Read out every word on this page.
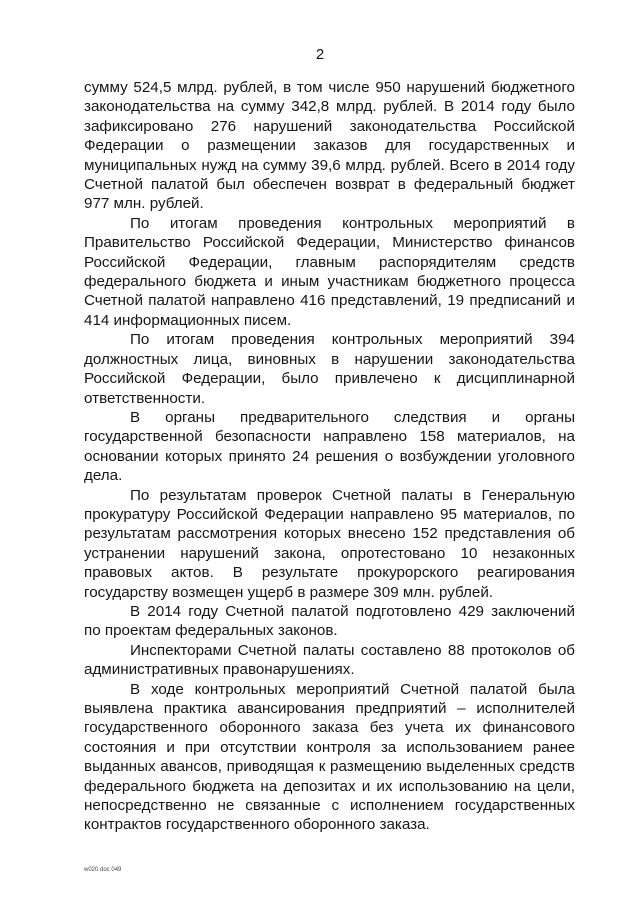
2

сумму 524,5 млрд. рублей, в том числе 950 нарушений бюджетного законодательства на сумму 342,8 млрд. рублей. В 2014 году было зафиксировано 276 нарушений законодательства Российской Федерации о размещении заказов для государственных и муниципальных нужд на сумму 39,6 млрд. рублей. Всего в 2014 году Счетной палатой был обеспечен возврат в федеральный бюджет 977 млн. рублей.

По итогам проведения контрольных мероприятий в Правительство Российской Федерации, Министерство финансов Российской Федерации, главным распорядителям средств федерального бюджета и иным участникам бюджетного процесса Счетной палатой направлено 416 представлений, 19 предписаний и 414 информационных писем.

По итогам проведения контрольных мероприятий 394 должностных лица, виновных в нарушении законодательства Российской Федерации, было привлечено к дисциплинарной ответственности.

В органы предварительного следствия и органы государственной безопасности направлено 158 материалов, на основании которых принято 24 решения о возбуждении уголовного дела.

По результатам проверок Счетной палаты в Генеральную прокуратуру Российской Федерации направлено 95 материалов, по результатам рассмотрения которых внесено 152 представления об устранении нарушений закона, опротестовано 10 незаконных правовых актов. В результате прокурорского реагирования государству возмещен ущерб в размере 309 млн. рублей.

В 2014 году Счетной палатой подготовлено 429 заключений по проектам федеральных законов.

Инспекторами Счетной палаты составлено 88 протоколов об административных правонарушениях.

В ходе контрольных мероприятий Счетной палатой была выявлена практика авансирования предприятий – исполнителей государственного оборонного заказа без учета их финансового состояния и при отсутствии контроля за использованием ранее выданных авансов, приводящая к размещению выделенных средств федерального бюджета на депозитах и их использованию на цели, непосредственно не связанные с исполнением государственных контрактов государственного оборонного заказа.

w020 doc 049
